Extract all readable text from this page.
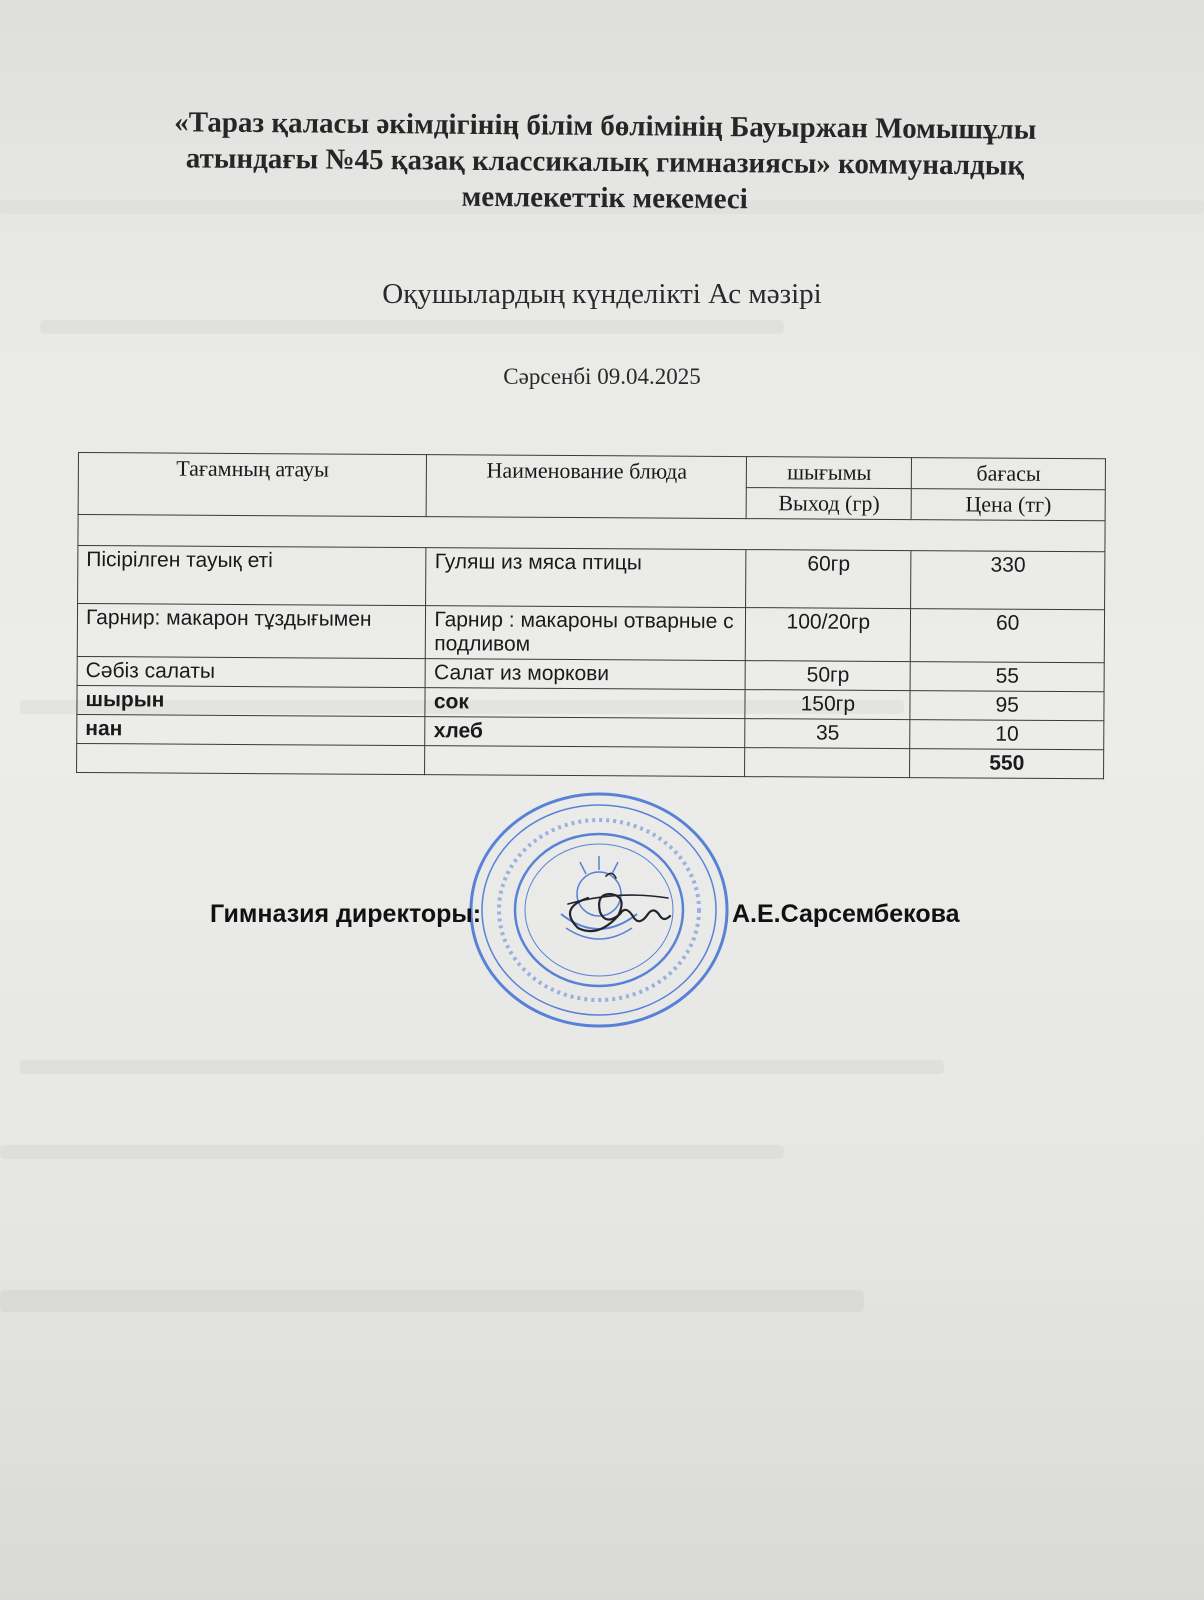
«Тараз қаласы әкімдігінің білім бөлімінің Бауыржан Момышұлы
атындағы №45 қазақ классикалық гимназиясы» коммуналдық
мемлекеттік мекемесі
Оқушылардың күнделікті Ас мәзірі
Сәрсенбі 09.04.2025
Тағамның атауы	Наименование блюда	шығымы	бағасы
		Выход (гр)	Цена (тг)

Пісірілген тауық еті	Гуляш из мяса птицы	60гр	330
Гарнир: макарон тұздығымен	Гарнир : макароны отварные с подливом	100/20гр	60
Сәбіз салаты	Салат из моркови	50гр	55
шырын	сок	150гр	95
нан	хлеб	35	10
			550
Гимназия директоры:	А.Е.Сарсембекова
